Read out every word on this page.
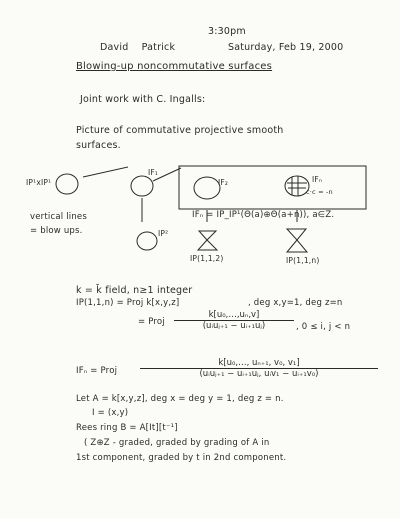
3:30pm
David Patrick	Saturday, Feb 19, 2000
Blowing-up noncommutative surfaces
Joint work with C. Ingalls:
Picture of commutative projective smooth
surfaces.
IP¹xIP¹
IF₁
IF₂	IFₙ
c·c = -n
IP²
IP(1,1,2)	IP(1,1,n)
vertical lines
= blow ups.
IFₙ = IP_IP¹(Θ(a)⊕Θ(a+n)), a∈Z.
k = k̄ field, n≥1 integer
IP(1,1,n) = Proj k[x,y,z]	, deg x,y=1, deg z=n
= Proj
k[u₀,…,uₙ,v]
(uᵢuⱼ₊₁ − uᵢ₊₁uⱼ)	, 0 ≤ i, j < n
IFₙ = Proj
k[u₀,…, uₙ₊₁, v₀, v₁]
(uᵢuⱼ₊₁ − uᵢ₊₁uⱼ, uᵢv₁ − uᵢ₊₁v₀)
Let A = k[x,y,z], deg x = deg y = 1, deg z = n.
I = (x,y)
Rees ring B = A[It][t⁻¹]
( Z⊕Z - graded, graded by grading of A in
1st component, graded by t in 2nd component.
